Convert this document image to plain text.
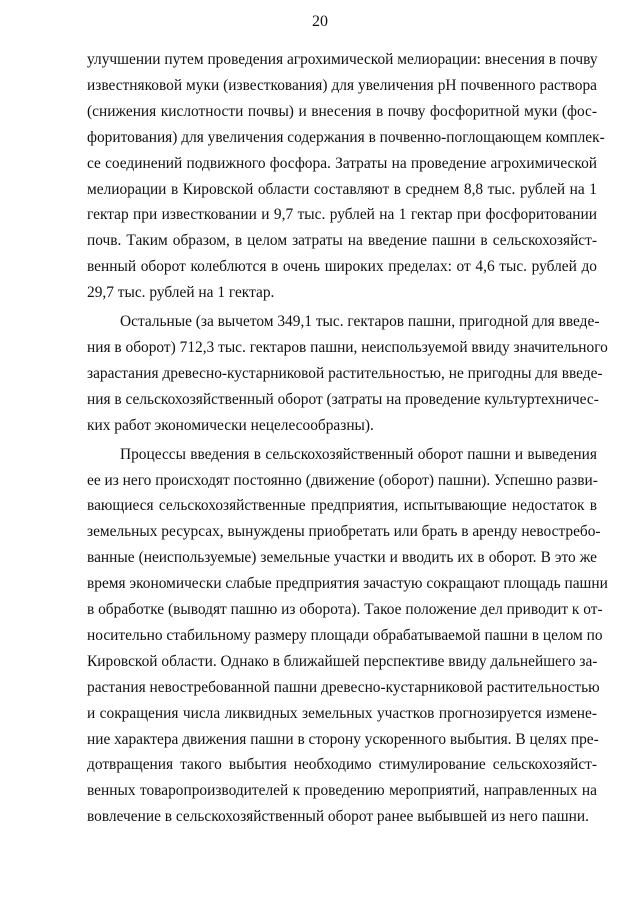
20
улучшении путем проведения агрохимической мелиорации: внесения в почву
известняковой муки (известкования) для увеличения pH почвенного раствора
(снижения кислотности почвы) и внесения в почву фосфоритной муки (фос-
форитования) для увеличения содержания в почвенно-поглощающем комплек-
се соединений подвижного фосфора. Затраты на проведение агрохимической
мелиорации в Кировской области составляют в среднем 8,8 тыс. рублей на 1
гектар при известковании и 9,7 тыс. рублей на 1 гектар при фосфоритовании
почв. Таким образом, в целом затраты на введение пашни в сельскохозяйст-
венный оборот колеблются в очень широких пределах: от 4,6 тыс. рублей до
29,7 тыс. рублей на 1 гектар.
Остальные (за вычетом 349,1 тыс. гектаров пашни, пригодной для введе-
ния в оборот) 712,3 тыс. гектаров пашни, неиспользуемой ввиду значительного
зарастания древесно-кустарниковой растительностью, не пригодны для введе-
ния в сельскохозяйственный оборот (затраты на проведение культуртехничес-
ких работ экономически нецелесообразны).
Процессы введения в сельскохозяйственный оборот пашни и выведения
ее из него происходят постоянно (движение (оборот) пашни). Успешно разви-
вающиеся сельскохозяйственные предприятия, испытывающие недостаток в
земельных ресурсах, вынуждены приобретать или брать в аренду невостребо-
ванные (неиспользуемые) земельные участки и вводить их в оборот. В это же
время экономически слабые предприятия зачастую сокращают площадь пашни
в обработке (выводят пашню из оборота). Такое положение дел приводит к от-
носительно стабильному размеру площади обрабатываемой пашни в целом по
Кировской области. Однако в ближайшей перспективе ввиду дальнейшего за-
растания невостребованной пашни древесно-кустарниковой растительностью
и сокращения числа ликвидных земельных участков прогнозируется измене-
ние характера движения пашни в сторону ускоренного выбытия. В целях пре-
дотвращения такого выбытия необходимо стимулирование сельскохозяйст-
венных товаропроизводителей к проведению мероприятий, направленных на
вовлечение в сельскохозяйственный оборот ранее выбывшей из него пашни.
